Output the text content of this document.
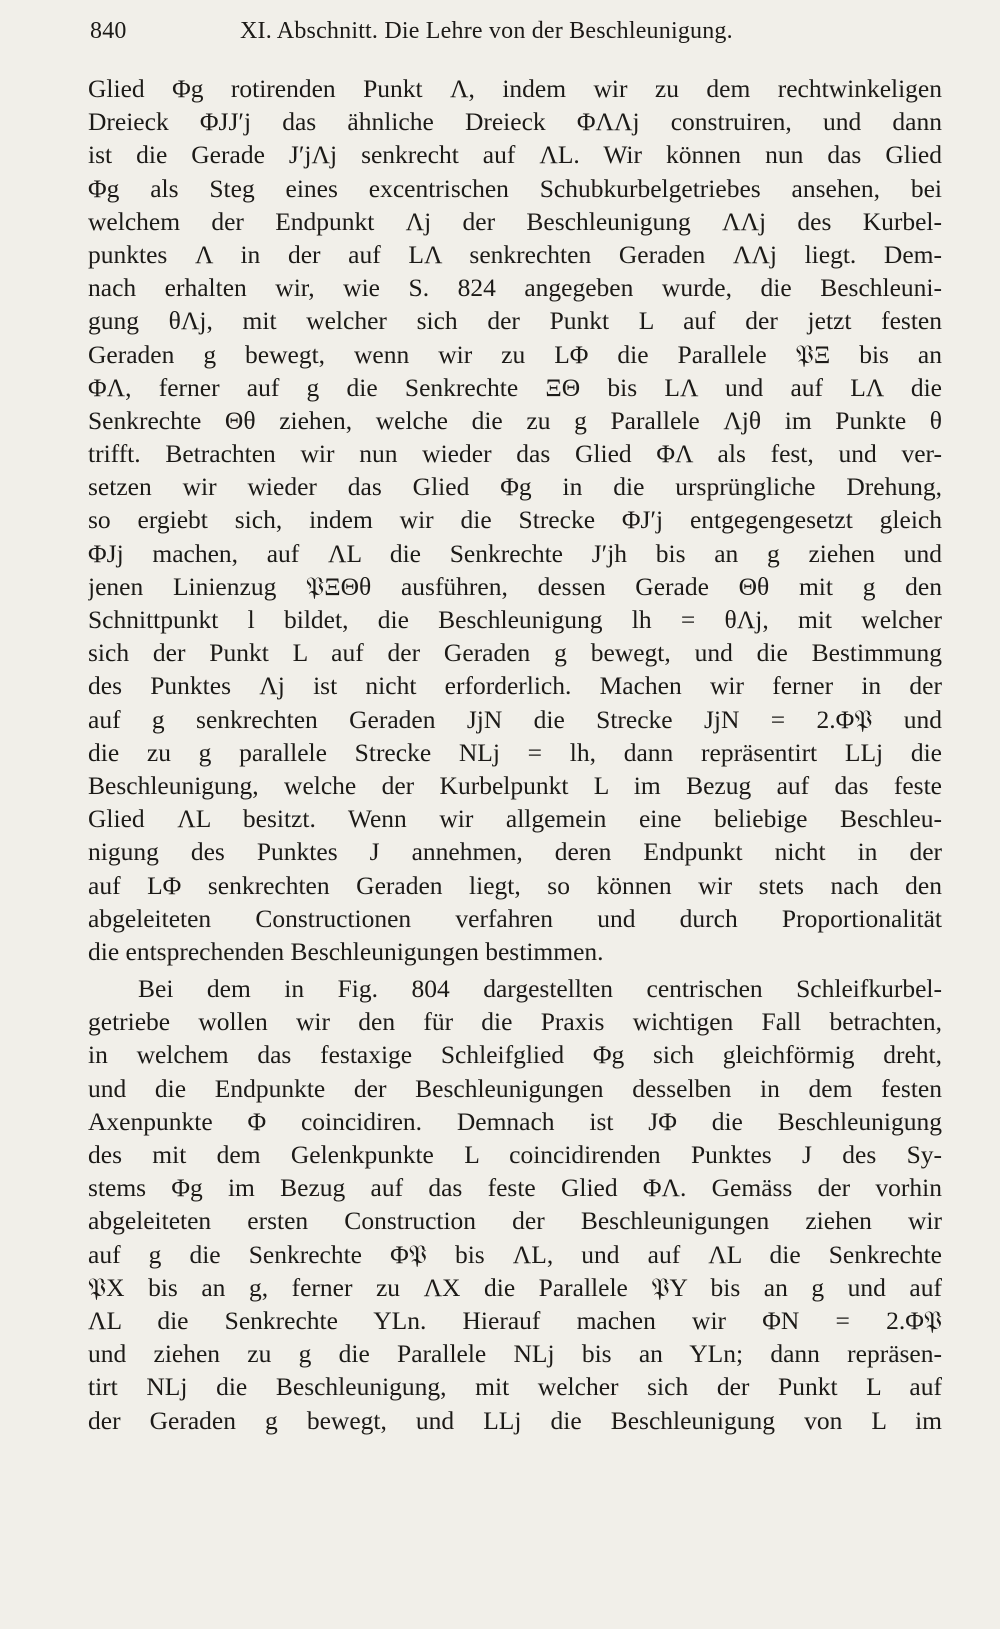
840	XI. Abschnitt. Die Lehre von der Beschleunigung.
Glied Φg rotirenden Punkt Λ, indem wir zu dem rechtwinkeligen
Dreieck ΦJJ′j das ähnliche Dreieck ΦΛΛj construiren, und dann
ist die Gerade J′jΛj senkrecht auf ΛL. Wir können nun das Glied
Φg als Steg eines excentrischen Schubkurbelgetriebes ansehen, bei
welchem der Endpunkt Λj der Beschleunigung ΛΛj des Kurbel-
punktes Λ in der auf LΛ senkrechten Geraden ΛΛj liegt. Dem-
nach erhalten wir, wie S. 824 angegeben wurde, die Beschleuni-
gung θΛj, mit welcher sich der Punkt L auf der jetzt festen
Geraden g bewegt, wenn wir zu LΦ die Parallele 𝔓Ξ bis an
ΦΛ, ferner auf g die Senkrechte ΞΘ bis LΛ und auf LΛ die
Senkrechte Θθ ziehen, welche die zu g Parallele Λjθ im Punkte θ
trifft. Betrachten wir nun wieder das Glied ΦΛ als fest, und ver-
setzen wir wieder das Glied Φg in die ursprüngliche Drehung,
so ergiebt sich, indem wir die Strecke ΦJ′j entgegengesetzt gleich
ΦJj machen, auf ΛL die Senkrechte J′jh bis an g ziehen und
jenen Linienzug 𝔓ΞΘθ ausführen, dessen Gerade Θθ mit g den
Schnittpunkt l bildet, die Beschleunigung lh = θΛj, mit welcher
sich der Punkt L auf der Geraden g bewegt, und die Bestimmung
des Punktes Λj ist nicht erforderlich. Machen wir ferner in der
auf g senkrechten Geraden JjN die Strecke JjN = 2.Φ𝔓 und
die zu g parallele Strecke NLj = lh, dann repräsentirt LLj die
Beschleunigung, welche der Kurbelpunkt L im Bezug auf das feste
Glied ΛL besitzt. Wenn wir allgemein eine beliebige Beschleu-
nigung des Punktes J annehmen, deren Endpunkt nicht in der
auf LΦ senkrechten Geraden liegt, so können wir stets nach den
abgeleiteten Constructionen verfahren und durch Proportionalität
die entsprechenden Beschleunigungen bestimmen.
Bei dem in Fig. 804 dargestellten centrischen Schleifkurbel-
getriebe wollen wir den für die Praxis wichtigen Fall betrachten,
in welchem das festaxige Schleifglied Φg sich gleichförmig dreht,
und die Endpunkte der Beschleunigungen desselben in dem festen
Axenpunkte Φ coincidiren. Demnach ist JΦ die Beschleunigung
des mit dem Gelenkpunkte L coincidirenden Punktes J des Sy-
stems Φg im Bezug auf das feste Glied ΦΛ. Gemäss der vorhin
abgeleiteten ersten Construction der Beschleunigungen ziehen wir
auf g die Senkrechte Φ𝔓 bis ΛL, und auf ΛL die Senkrechte
𝔓X bis an g, ferner zu ΛX die Parallele 𝔓Y bis an g und auf
ΛL die Senkrechte YLn. Hierauf machen wir ΦN = 2.Φ𝔓
und ziehen zu g die Parallele NLj bis an YLn; dann repräsen-
tirt NLj die Beschleunigung, mit welcher sich der Punkt L auf
der Geraden g bewegt, und LLj die Beschleunigung von L im
